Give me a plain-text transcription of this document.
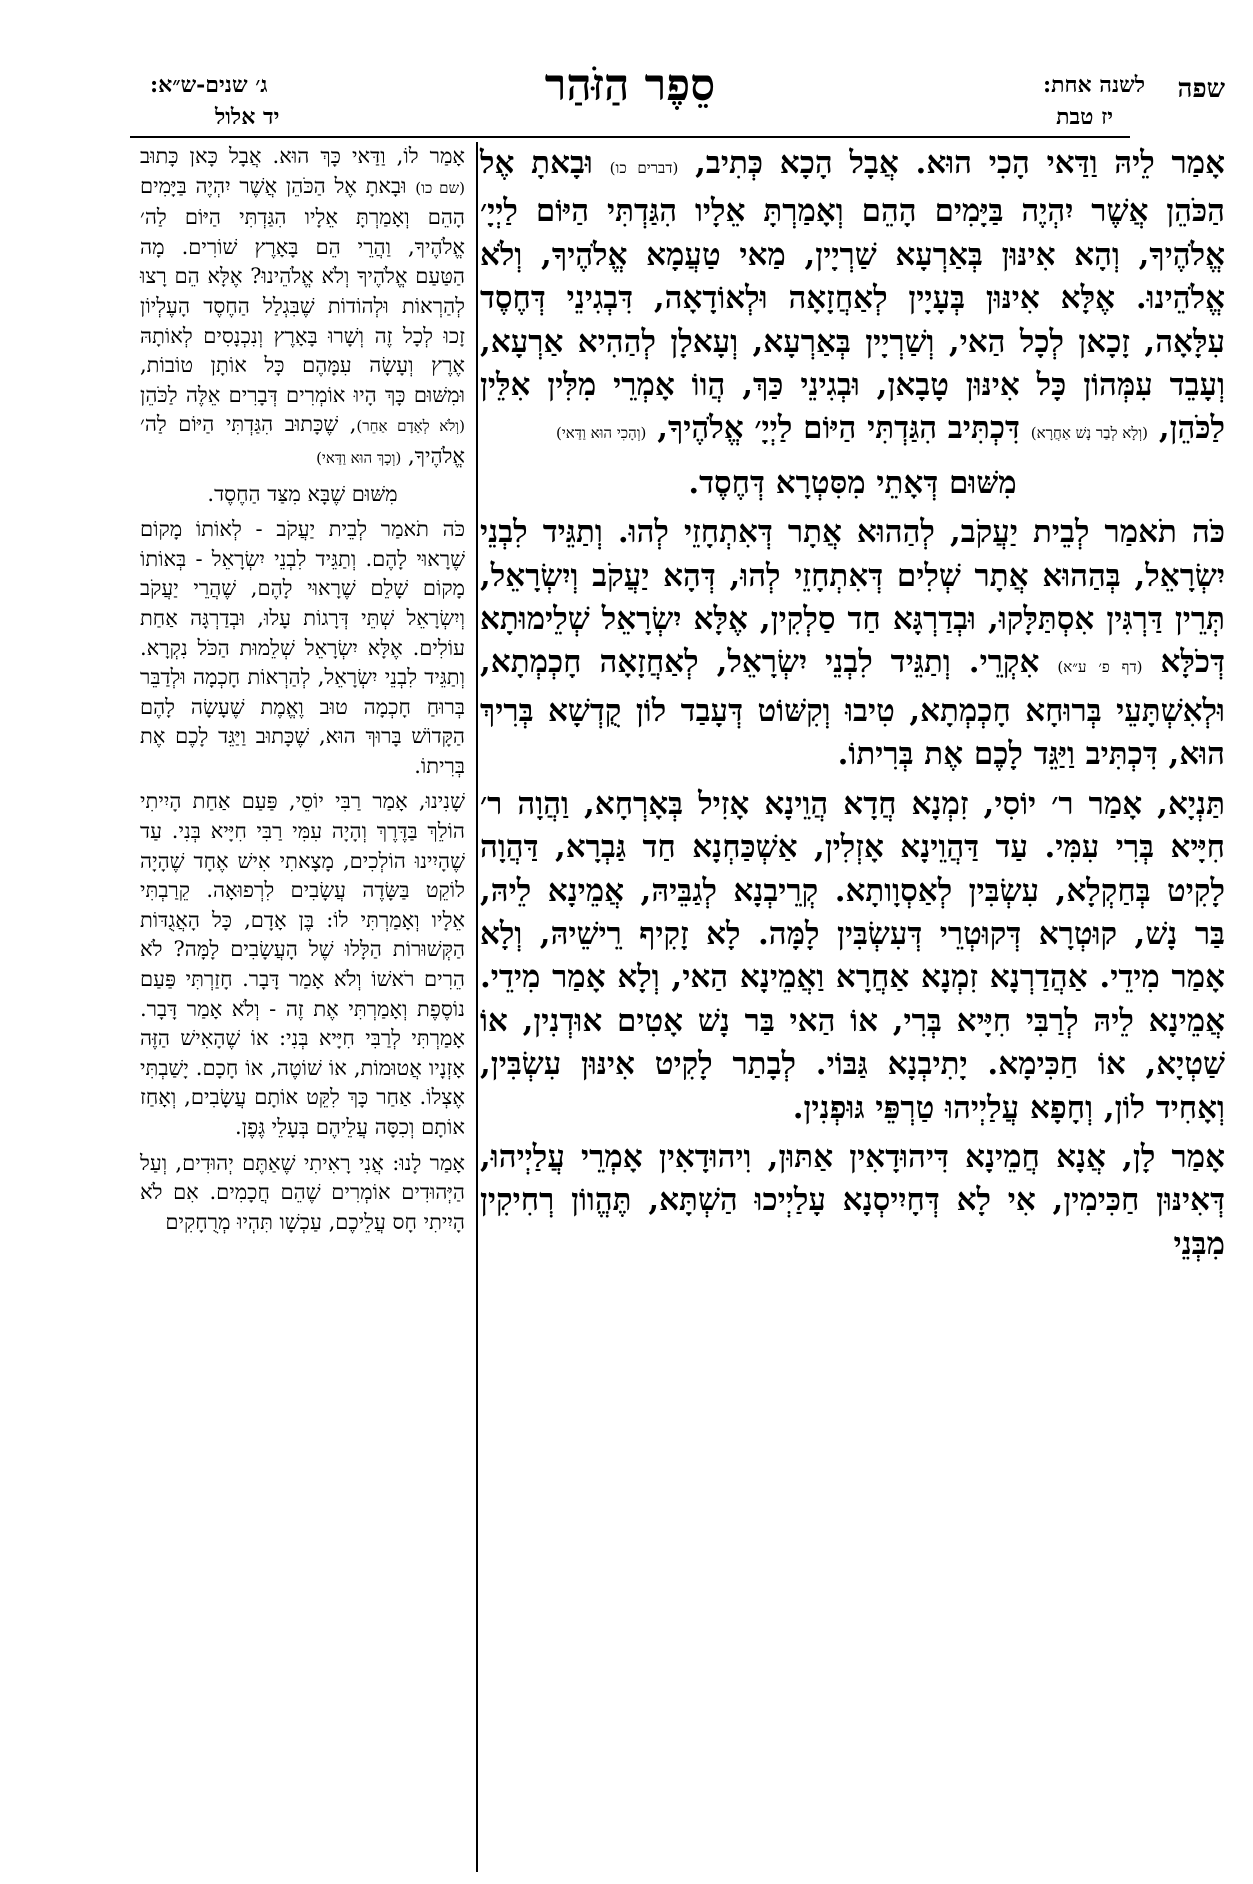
שפה
לשנה אחת:
יז טבת
סֵפֶר הַזֹּהַר
ג׳ שנים-ש״א:
יד אלול

אָמַר לֵיהּ וַדַּאי הָכִי הוּא. אֲבָל הָכָא כְּתִיב, (דברים כו) וּבָאתָ אֶל הַכֹּהֵן אֲשֶׁר יִהְיֶה בַּיָּמִים הָהֵם וְאָמַרְתָּ אֵלָיו הִגַּדְתִּי הַיּוֹם לַיְיָ׳ אֱלֹהֶיךָ, וְהָא אִינּוּן בְּאַרְעָא שַׁרְיָין, מַאי טַעֲמָא אֱלֹהֶיךָ, וְלֹא אֱלֹהֵינוּ. אֶלָּא אִינּוּן בְּעָיָין לְאַחֲזָאָה וּלְאוֹדָאָה, דִּבְגִינֵי דְּחֶסֶד עִלָּאָה, זָכָאן לְכָל הַאי, וְשַׁרְיָין בְּאַרְעָא, וְעָאלָן לְהַהִיא אַרְעָא, וְעָבֵד עִמְּהוֹן כָּל אִינּוּן טָבָאן, וּבְגִינֵי כַּךְ, הֲווֹ אָמְרֵי מִלִּין אִלֵּין לַכֹּהֵן, (וְלָא לְבַר נָשׁ אַחֲרָא) דִּכְתִּיב הִגַּדְתִּי הַיּוֹם לַיְיָ׳ אֱלֹהֶיךָ, (וְהָכִי הוּא וַדַּאי)

מִשּׁוּם דְּאָתֵי מִסִּטְרָא דְּחֶסֶד.

כֹּה תֹאמַר לְבֵית יַעֲקֹב, לְהַהוּא אֲתָר דְּאִתְחָזֵי לְהוּ. וְתַגֵּיד לִבְנֵי יִשְׂרָאֵל, בְּהַהוּא אֲתָר שְׁלִים דְּאִתְחָזֵי לְהוּ, דְּהָא יַעֲקֹב וְיִשְׂרָאֵל, תְּרֵין דַּרְגִּין אִסְתַּלָּקוּ, וּבְדַרְגָּא חַד סַלְקִין, אֶלָּא יִשְׂרָאֵל שְׁלֵימוּתָא דְּכֹלָּא (דף פ׳ ע״א) אִקְרֵי. וְתַגֵּיד לִבְנֵי יִשְׂרָאֵל, לְאַחֲזָאָה חָכְמְתָא, וּלְאִשְׁתָּעֵי בְּרוּחָא חָכְמְתָא, טִיבוּ וְקִשּׁוֹט דְּעָבַד לוֹן קֻדְשָׁא בְּרִיךְ הוּא, דִּכְתִּיב וַיַּגֵּד לָכֶם אֶת בְּרִיתוֹ.

תַּנְיָא, אָמַר ר׳ יוֹסִי, זִמְנָא חֲדָא הֲוֵינָא אָזִיל בְּאָרְחָא, וַהֲוָה ר׳ חִיָּיא בְּרִי עִמִּי. עַד דַּהֲוֵינָא אָזְלִין, אַשְׁכַּחְנָא חַד גַּבְרָא, דַּהֲוָה לָקִיט בְּחַקְלָא, עִשְׂבִּין לְאַסְוָותָא. קְרֵיבְנָא לְגַבֵּיהּ, אֲמֵינָא לֵיהּ, בַּר נָשׁ, קוּטְרָא דְּקוּטְרֵי דְּעִשְׂבִּין לָמָּה. לָא זָקִיף רֵישֵׁיהּ, וְלָא אָמַר מִידֵי. אַהֲדַרְנָא זִמְנָא אַחֲרָא וַאֲמֵינָא הַאי, וְלָא אָמַר מִידֵי. אֲמֵינָא לֵיהּ לְרַבִּי חִיָּיא בְּרִי, אוֹ הַאי בַּר נָשׁ אָטִים אוּדְנִין, אוֹ שַׁטְיָא, אוֹ חַכִּימָא. יָתִיבְנָא גַּבּוֹי. לְבָתַר לָקִיט אִינּוּן עִשְׂבִּין, וְאָחִיד לוֹן, וְחָפָא עֲלַיְיהוּ טַרְפֵּי גּוּפְנִין.

אָמַר לָן, אֲנָא חֲמֵינָא דִּיהוּדָאִין אַתּוּן, וִיהוּדָאִין אָמְרֵי עֲלַיְיהוּ, דְּאִינּוּן חַכִּימִין, אִי לָא דְּחָיִיסְנָא עָלַיְיכוּ הַשְׁתָּא, תֶּהֱווֹן רְחִיקִין מִבְּנֵי

אָמַר לוֹ, וַדַּאי כָּךְ הוּא. אֲבָל כָּאן כָּתוּב (שם כו) וּבָאתָ אֶל הַכֹּהֵן אֲשֶׁר יִהְיֶה בַּיָּמִים הָהֵם וְאָמַרְתָּ אֵלָיו הִגַּדְתִּי הַיּוֹם לַה׳ אֱלֹהֶיךָ, וַהֲרֵי הֵם בָּאָרֶץ שׁוֹרִים. מָה הַטַּעַם אֱלֹהֶיךָ וְלֹא אֱלֹהֵינוּ? אֶלָּא הֵם רָצוּ לְהַרְאוֹת וּלְהוֹדוֹת שֶׁבִּגְלַל הַחֶסֶד הָעֶלְיוֹן זָכוּ לְכָל זֶה וְשָׁרוּ בָּאָרֶץ וְנִכְנָסִים לְאוֹתָהּ אֶרֶץ וְעָשָׂה עִמָּהֶם כָּל אוֹתָן טוֹבוֹת, וּמִשּׁוּם כָּךְ הָיוּ אוֹמְרִים דְּבָרִים אֵלֶּה לַכֹּהֵן (וְלֹא לְאָדָם אַחֵר), שֶׁכָּתוּב הִגַּדְתִּי הַיּוֹם לַה׳ אֱלֹהֶיךָ, (וְכָךְ הוּא וַדַּאי)

מִשּׁוּם שֶׁבָּא מִצַּד הַחֶסֶד.

כֹּה תֹאמַר לְבֵית יַעֲקֹב - לְאוֹתוֹ מָקוֹם שֶׁרָאוּי לָהֶם. וְתַגֵּיד לִבְנֵי יִשְׂרָאֵל - בְּאוֹתוֹ מָקוֹם שָׁלֵם שֶׁרָאוּי לָהֶם, שֶׁהֲרֵי יַעֲקֹב וְיִשְׂרָאֵל שְׁתֵּי דְּרָגוֹת עָלוּ, וּבְדַרְגָּה אַחַת עוֹלִים. אֶלָּא יִשְׂרָאֵל שְׁלֵמוּת הַכֹּל נִקְרָא. וְתַגֵּיד לִבְנֵי יִשְׂרָאֵל, לְהַרְאוֹת חָכְמָה וּלְדַבֵּר בְּרוּחַ חָכְמָה טוּב וֶאֱמֶת שֶׁעָשָׂה לָהֶם הַקָּדוֹשׁ בָּרוּךְ הוּא, שֶׁכָּתוּב וַיַּגֵּד לָכֶם אֶת בְּרִיתוֹ.

שָׁנִינוּ, אָמַר רַבִּי יוֹסֵי, פַּעַם אַחַת הָיִיתִי הוֹלֵךְ בַּדֶּרֶךְ וְהָיָה עִמִּי רַבִּי חִיָּיא בְּנִי. עַד שֶׁהָיִינוּ הוֹלְכִים, מָצָאתִי אִישׁ אֶחָד שֶׁהָיָה לוֹקֵט בַּשָּׂדֶה עֲשָׂבִים לִרְפוּאָה. קֵרַבְתִּי אֵלָיו וְאָמַרְתִּי לוֹ: בֶּן אָדָם, כָּל הָאֲגֻדּוֹת הַקְּשׁוּרוֹת הַלָּלוּ שֶׁל הָעֲשָׂבִים לָמָּה? לֹא הֵרִים רֹאשׁוֹ וְלֹא אָמַר דָּבָר. חָזַרְתִּי פַּעַם נוֹסֶפֶת וְאָמַרְתִּי אֶת זֶה - וְלֹא אָמַר דָּבָר. אָמַרְתִּי לְרַבִּי חִיָּיא בְּנִי: אוֹ שֶׁהָאִישׁ הַזֶּה אָזְנָיו אֲטוּמוֹת, אוֹ שׁוֹטֶה, אוֹ חָכָם. יָשַׁבְתִּי אֶצְלוֹ. אַחַר כָּךְ לִקֵּט אוֹתָם עֲשָׂבִים, וְאָחַז אוֹתָם וְכִסָּה עֲלֵיהֶם בְּעָלֵי גֶּפֶן.

אָמַר לָנוּ: אֲנִי רָאִיתִי שֶׁאַתֶּם יְהוּדִים, וְעַל הַיְּהוּדִים אוֹמְרִים שֶׁהֵם חֲכָמִים. אִם לֹא הָיִיתִי חָס עֲלֵיכֶם, עַכְשָׁו תִּהְיוּ מְרֻחָקִים
